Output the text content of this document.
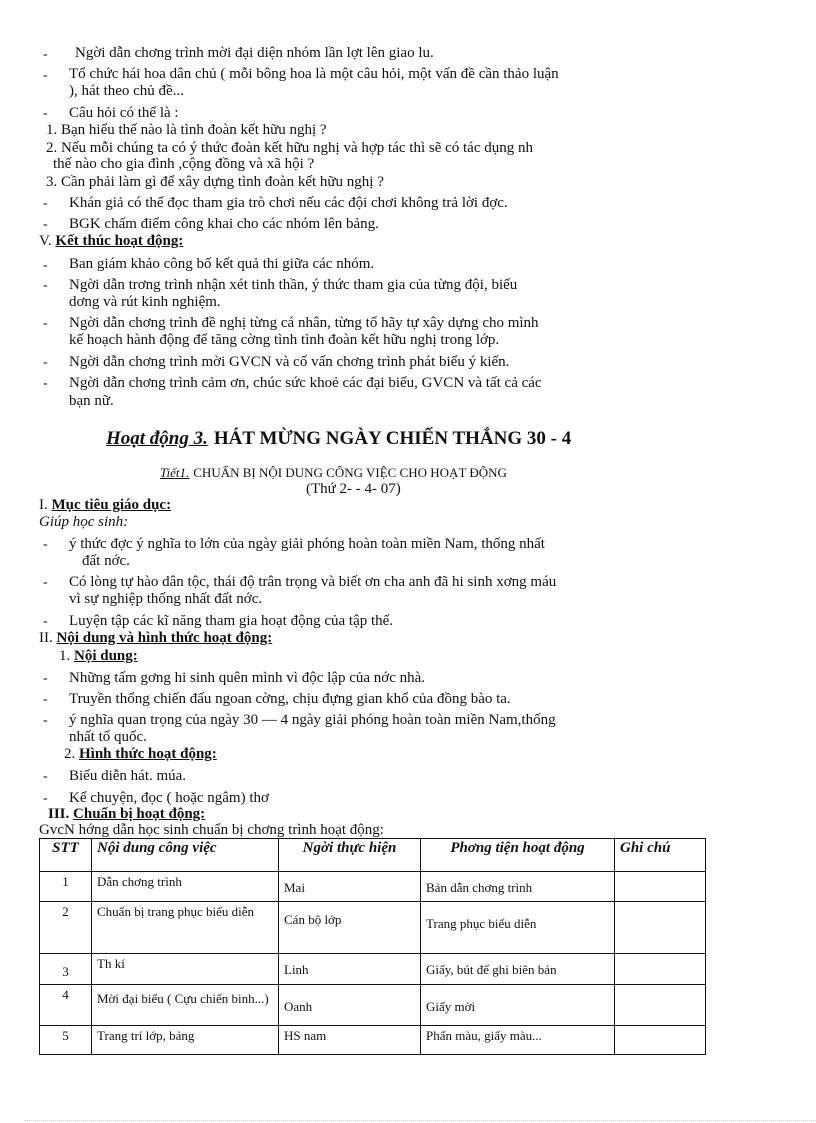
- Ngời dẫn chơng trình mời đại diện nhóm lần lợt lên giao lu.
- Tổ chức hái hoa dân chủ ( mỗi bông hoa là một câu hỏi, một vấn đề cần thảo luận
), hát theo chủ đề...
- Câu hỏi có thể là :
1. Bạn hiểu thế nào là tình đoàn kết hữu nghị ?
2. Nếu mỗi chúng ta có ý thức đoàn kết hữu nghị và hợp tác thì sẽ có tác dụng nh
thế nào cho gia đình ,cộng đồng và xã hội ?
3. Cần phải làm gì để xây dựng tình đoàn kết hữu nghị ?
- Khán giả có thể đọc tham gia trò chơi nếu các đội chơi không trả lời đợc.
- BGK chấm điểm công khai cho các nhóm lên bảng.
V. Kết thúc hoạt động:
- Ban giám khảo công bố kết quả thi giữa các nhóm.
- Ngời dẫn trơng trình nhận xét tinh thần, ý thức tham gia của từng đội, biểu
dơng và rút kinh nghiệm.
- Ngời dẫn chơng trình đề nghị từng cá nhân, từng tổ hãy tự xây dựng cho mình
kế hoạch hành động để tăng cờng tình tình đoàn kết hữu nghị trong lớp.
- Ngời dẫn chơng trình mời GVCN và cố vấn chơng trình phát biểu ý kiến.
- Ngời dẫn chơng trình cảm ơn, chúc sức khoẻ các đại biểu, GVCN và tất cả các
bạn nữ.
Hoạt động 3. HÁT MỪNG NGÀY CHIẾN THẮNG 30 - 4
Tiết1. CHUẨN BỊ NỘI DUNG CÔNG VIỆC CHO HOẠT ĐỘNG
(Thứ 2- - 4- 07)
I. Mục tiêu giáo dục:
Giúp học sinh:
- ý thức đợc ý nghĩa to lớn của ngày giải phóng hoàn toàn miền Nam, thống nhất
đất nớc.
- Có lòng tự hào dân tộc, thái độ trân trọng và biết ơn cha anh đã hi sinh xơng máu
vì sự nghiệp thống nhất đất nớc.
- Luyện tập các kĩ năng tham gia hoạt động của tập thể.
II. Nội dung và hình thức hoạt động:
1. Nội dung:
- Những tấm gơng hi sinh quên mình vì độc lập của nớc nhà.
- Truyền thống chiến đấu ngoan cờng, chịu đựng gian khổ của đồng bào ta.
- ý nghĩa quan trọng của ngày 30 — 4 ngày giải phóng hoàn toàn miền Nam,thống
nhất tổ quốc.
2. Hình thức hoạt động:
- Biểu diễn hát. múa.
- Kể chuyện, đọc ( hoặc ngâm) thơ
III. Chuẩn bị hoạt động:
GvcN hớng dẫn học sinh chuẩn bị chơng trình hoạt động:
STT	Nội dung công việc	Ngời thực hiện	Phơng tiện hoạt động	Ghi chú
1	Dẫn chơng trình	Mai	Bản dẫn chơng trình	
2	Chuẩn bị trang phục biểu diễn	Cán bộ lớp	Trang phục biểu diễn	
3	Th kí	Linh	Giấy, bút để ghi biên bản	
4	Mời đại biểu ( Cựu chiến binh...)	Oanh	Giấy mời	
5	Trang trí lớp, bảng	HS nam	Phấn màu, giấy màu...	
